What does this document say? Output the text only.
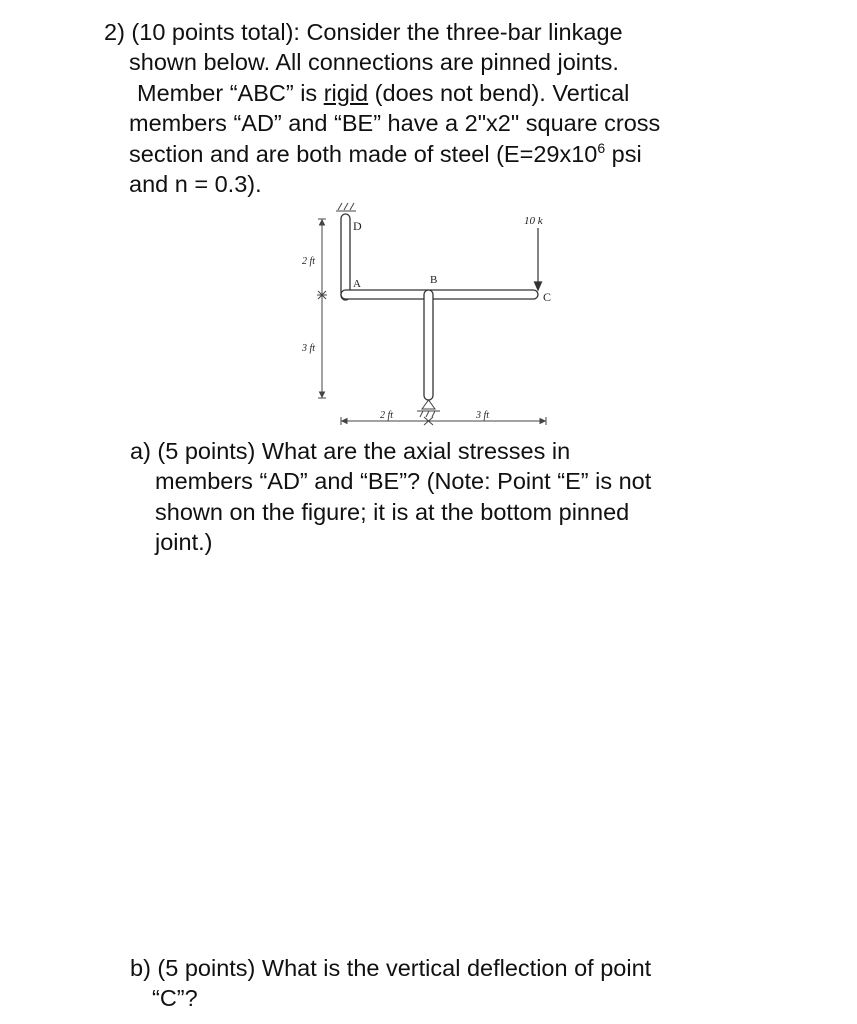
2) (10 points total): Consider the three-bar linkage
shown below. All connections are pinned joints.
Member “ABC” is rigid (does not bend). Vertical
members “AD” and “BE” have a 2"x2" square cross
section and are both made of steel ($E=29x10^6$ psi
and n = 0.3).
D
A	B
C
10 k
2 ft
3 ft
2 ft	3 ft
a) (5 points) What are the axial stresses in
members “AD” and “BE”? (Note: Point “E” is not
shown on the figure; it is at the bottom pinned
joint.)
b) (5 points) What is the vertical deflection of point
“C”?
